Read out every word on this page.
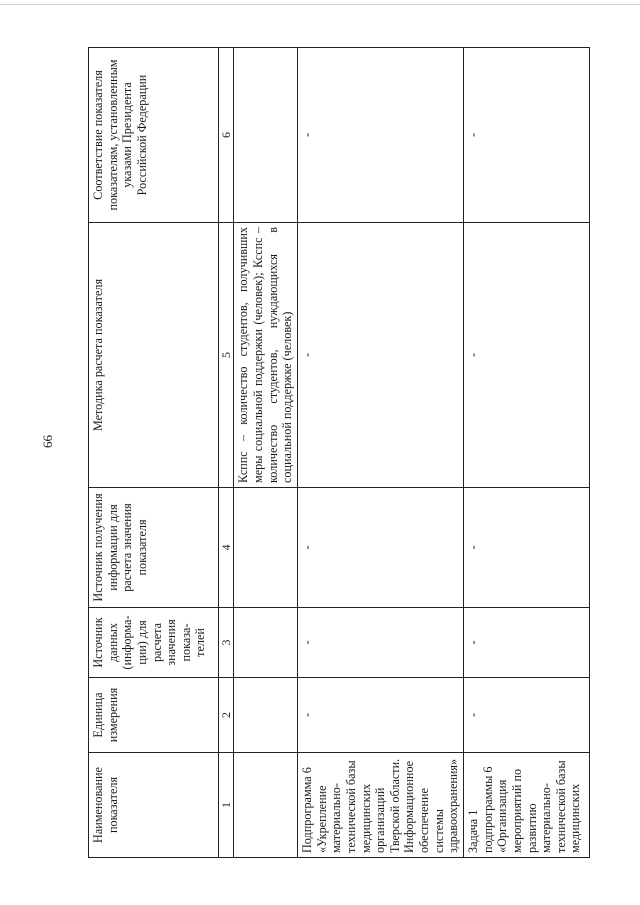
66
Наименование показателя	Единица измерения	Источник данных (информа-ции) для расчета значения показа-телей	Источник получения информации для расчета значения показателя	Методика расчета показателя	Соответствие показателя показателям, установленным указами Президента Российской Федерации
1	2	3	4	5	6
				Ксппс – количество студентов, получивших меры социальной поддержки (человек); Ксспс – количество студентов, нуждающихся в социальной поддержке (человек)	
Подпрограмма 6 «Укрепление материально-технической базы медицинских организаций Тверской области. Информационное обеспечение системы здравоохранения»	-	-	-	-	-
Задача 1 подпрограммы 6 «Организация мероприятий по развитию материально-технической базы медицинских	-	-	-	-	-
